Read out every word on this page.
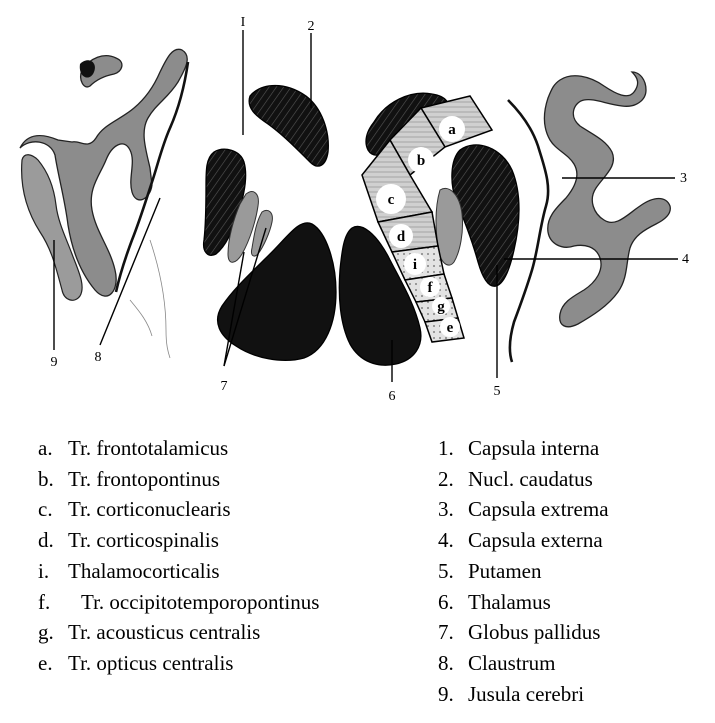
a
b
c
d
i
f
g
e
I	2
3
4
5
6
7
8
9
a. Tr. frontotalamicus
b. Tr. frontopontinus
c. Tr. corticonuclearis
d. Tr. corticospinalis
i. Thalamocorticalis
f. Tr. occipitotemporopontinus
g. Tr. acousticus centralis
e. Tr. opticus centralis
1. Capsula interna
2. Nucl. caudatus
3. Capsula extrema
4. Capsula externa
5. Putamen
6. Thalamus
7. Globus pallidus
8. Claustrum
9. Jusula cerebri
